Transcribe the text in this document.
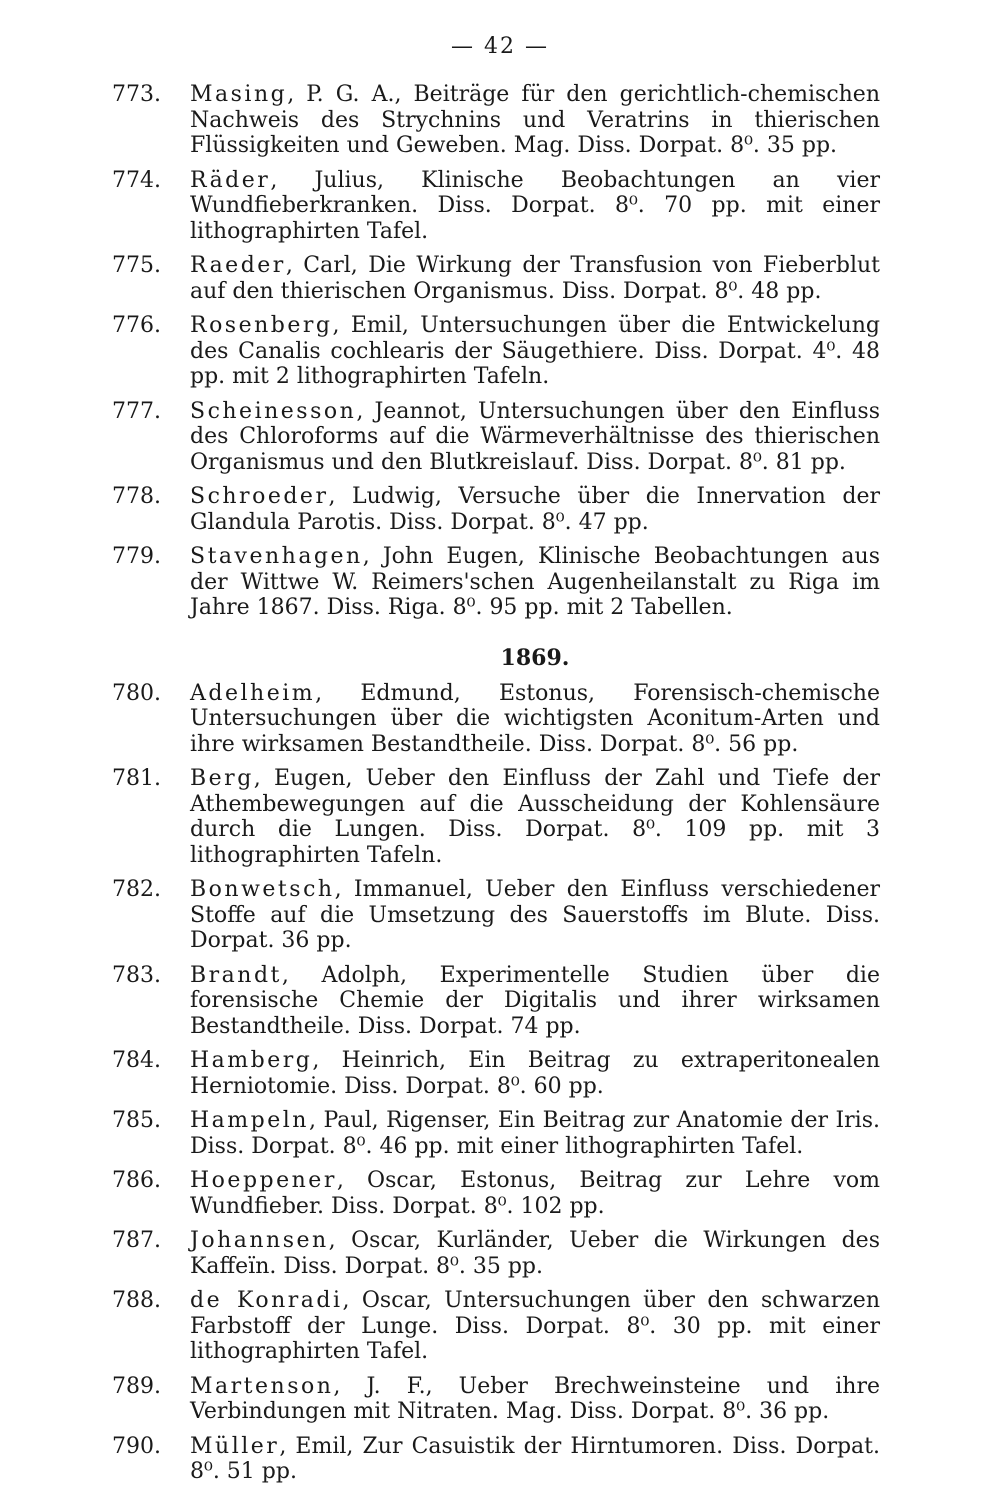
— 42 —
773.	Masing, P. G. A., Beiträge für den gerichtlich-chemischen Nachweis des Strychnins und Veratrins in thierischen Flüssigkeiten und Geweben. Mag. Diss. Dorpat. 8⁰. 35 pp.
774.	Räder, Julius, Klinische Beobachtungen an vier Wundfieberkranken. Diss. Dorpat. 8⁰. 70 pp. mit einer lithographirten Tafel.
775.	Raeder, Carl, Die Wirkung der Transfusion von Fieberblut auf den thierischen Organismus. Diss. Dorpat. 8⁰. 48 pp.
776.	Rosenberg, Emil, Untersuchungen über die Entwickelung des Canalis cochlearis der Säugethiere. Diss. Dorpat. 4⁰. 48 pp. mit 2 lithographirten Tafeln.
777.	Scheinesson, Jeannot, Untersuchungen über den Einfluss des Chloroforms auf die Wärmeverhältnisse des thierischen Organismus und den Blutkreislauf. Diss. Dorpat. 8⁰. 81 pp.
778.	Schroeder, Ludwig, Versuche über die Innervation der Glandula Parotis. Diss. Dorpat. 8⁰. 47 pp.
779.	Stavenhagen, John Eugen, Klinische Beobachtungen aus der Wittwe W. Reimers'schen Augenheilanstalt zu Riga im Jahre 1867. Diss. Riga. 8⁰. 95 pp. mit 2 Tabellen.
1869.
780.	Adelheim, Edmund, Estonus, Forensisch-chemische Untersuchungen über die wichtigsten Aconitum-Arten und ihre wirksamen Bestandtheile. Diss. Dorpat. 8⁰. 56 pp.
781.	Berg, Eugen, Ueber den Einfluss der Zahl und Tiefe der Athembewegungen auf die Ausscheidung der Kohlensäure durch die Lungen. Diss. Dorpat. 8⁰. 109 pp. mit 3 lithographirten Tafeln.
782.	Bonwetsch, Immanuel, Ueber den Einfluss verschiedener Stoffe auf die Umsetzung des Sauerstoffs im Blute. Diss. Dorpat. 36 pp.
783.	Brandt, Adolph, Experimentelle Studien über die forensische Chemie der Digitalis und ihrer wirksamen Bestandtheile. Diss. Dorpat. 74 pp.
784.	Hamberg, Heinrich, Ein Beitrag zu extraperitonealen Herniotomie. Diss. Dorpat. 8⁰. 60 pp.
785.	Hampeln, Paul, Rigenser, Ein Beitrag zur Anatomie der Iris. Diss. Dorpat. 8⁰. 46 pp. mit einer lithographirten Tafel.
786.	Hoeppener, Oscar, Estonus, Beitrag zur Lehre vom Wundfieber. Diss. Dorpat. 8⁰. 102 pp.
787.	Johannsen, Oscar, Kurländer, Ueber die Wirkungen des Kaffeïn. Diss. Dorpat. 8⁰. 35 pp.
788.	de Konradi, Oscar, Untersuchungen über den schwarzen Farbstoff der Lunge. Diss. Dorpat. 8⁰. 30 pp. mit einer lithographirten Tafel.
789.	Martenson, J. F., Ueber Brechweinsteine und ihre Verbindungen mit Nitraten. Mag. Diss. Dorpat. 8⁰. 36 pp.
790.	Müller, Emil, Zur Casuistik der Hirntumoren. Diss. Dorpat. 8⁰. 51 pp.
